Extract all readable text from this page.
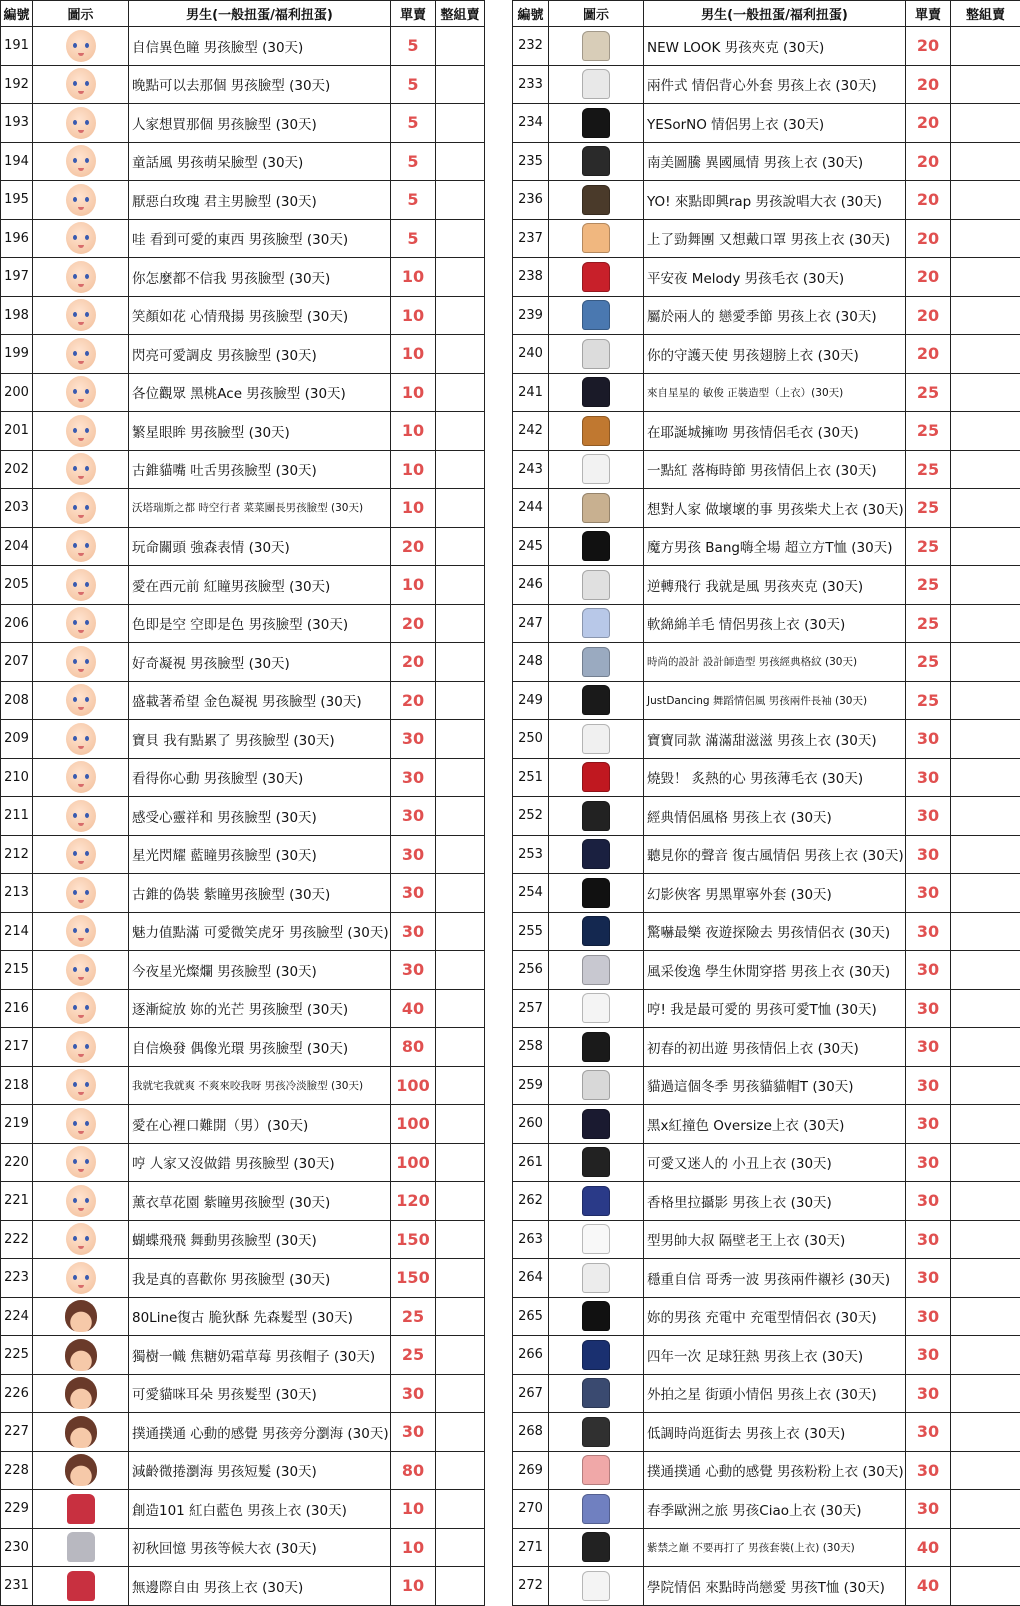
編號	圖示	男生(一般扭蛋/福利扭蛋)	單賣	整組賣
191		自信異色瞳 男孩臉型 (30天)	5	
192		晚點可以去那個 男孩臉型 (30天)	5	
193		人家想買那個 男孩臉型 (30天)	5	
194		童話風 男孩萌呆臉型 (30天)	5	
195		厭惡白玫瑰 君主男臉型 (30天)	5	
196		哇 看到可愛的東西 男孩臉型 (30天)	5	
197		你怎麼都不信我 男孩臉型 (30天)	10	
198		笑顏如花 心情飛揚 男孩臉型 (30天)	10	
199		閃亮可愛調皮 男孩臉型 (30天)	10	
200		各位觀眾 黑桃Ace 男孩臉型 (30天)	10	
201		繁星眼眸 男孩臉型 (30天)	10	
202		古錐貓嘴 吐舌男孩臉型 (30天)	10	
203		沃塔瑞斯之都 時空行者 菜菜團長男孩臉型 (30天)	10	
204		玩命關頭 強森表情 (30天)	20	
205		愛在西元前 紅瞳男孩臉型 (30天)	10	
206		色即是空 空即是色 男孩臉型 (30天)	20	
207		好奇凝視 男孩臉型 (30天)	20	
208		盛載著希望 金色凝視 男孩臉型 (30天)	20	
209		寶貝 我有點累了 男孩臉型 (30天)	30	
210		看得你心動 男孩臉型 (30天)	30	
211		感受心靈祥和 男孩臉型 (30天)	30	
212		星光閃耀 藍瞳男孩臉型 (30天)	30	
213		古錐的偽裝 紫瞳男孩臉型 (30天)	30	
214		魅力值點滿 可愛微笑虎牙 男孩臉型 (30天)	30	
215		今夜星光燦爛 男孩臉型 (30天)	30	
216		逐漸綻放 妳的光芒 男孩臉型 (30天)	40	
217		自信煥發 偶像光環 男孩臉型 (30天)	80	
218		我就宅我就爽 不爽來咬我呀 男孩冷淡臉型 (30天)	100	
219		愛在心裡口難開（男）(30天)	100	
220		哼 人家又沒做錯 男孩臉型 (30天)	100	
221		薰衣草花園 紫瞳男孩臉型 (30天)	120	
222		蝴蝶飛飛 舞動男孩臉型 (30天)	150	
223		我是真的喜歡你 男孩臉型 (30天)	150	
224		80Line復古 脆狄酥 先森髮型 (30天)	25	
225		獨樹一幟 焦糖奶霜草莓 男孩帽子 (30天)	25	
226		可愛貓咪耳朵 男孩髮型 (30天)	30	
227		撲通撲通 心動的感覺 男孩旁分瀏海 (30天)	30	
228		減齡微捲瀏海 男孩短髮 (30天)	80	
229		創造101 紅白藍色 男孩上衣 (30天)	10	
230		初秋回憶 男孩等候大衣 (30天)	10	
231		無邊際自由 男孩上衣 (30天)	10	
編號	圖示	男生(一般扭蛋/福利扭蛋)	單賣	整組賣
232		NEW LOOK 男孩夾克 (30天)	20	
233		兩件式 情侶背心外套 男孩上衣 (30天)	20	
234		YESorNO 情侶男上衣 (30天)	20	
235		南美圖騰 異國風情 男孩上衣 (30天)	20	
236		YO! 來點即興rap 男孩說唱大衣 (30天)	20	
237		上了勁舞團 又想戴口罩 男孩上衣 (30天)	20	
238		平安夜 Melody 男孩毛衣 (30天)	20	
239		屬於兩人的 戀愛季節 男孩上衣 (30天)	20	
240		你的守護天使 男孩翅膀上衣 (30天)	20	
241		來自星星的 敏俊 正裝造型（上衣）(30天)	25	
242		在耶誕城擁吻 男孩情侶毛衣 (30天)	25	
243		一點紅 落梅時節 男孩情侶上衣 (30天)	25	
244		想對人家 做壞壞的事 男孩柴犬上衣 (30天)	25	
245		魔方男孩 Bang嗨全場 超立方T恤 (30天)	25	
246		逆轉飛行 我就是風 男孩夾克 (30天)	25	
247		軟綿綿羊毛 情侶男孩上衣 (30天)	25	
248		時尚的設計 設計師造型 男孩經典格紋 (30天)	25	
249		JustDancing 舞蹈情侶風 男孩兩件長袖 (30天)	25	
250		寶寶同款 滿滿甜滋滋 男孩上衣 (30天)	30	
251		燒毀！ 炙熱的心 男孩薄毛衣 (30天)	30	
252		經典情侶風格 男孩上衣 (30天)	30	
253		聽見你的聲音 復古風情侶 男孩上衣 (30天)	30	
254		幻影俠客 男黑單寧外套 (30天)	30	
255		驚嚇最樂 夜遊探險去 男孩情侶衣 (30天)	30	
256		風采俊逸 學生休閒穿搭 男孩上衣 (30天)	30	
257		哼! 我是最可愛的 男孩可愛T恤 (30天)	30	
258		初春的初出遊 男孩情侶上衣 (30天)	30	
259		貓過這個冬季 男孩貓貓帽T (30天)	30	
260		黑x紅撞色 Oversize上衣 (30天)	30	
261		可愛又迷人的 小丑上衣 (30天)	30	
262		香格里拉攝影 男孩上衣 (30天)	30	
263		型男帥大叔 隔壁老王上衣 (30天)	30	
264		穩重自信 哥秀一波 男孩兩件襯衫 (30天)	30	
265		妳的男孩 充電中 充電型情侶衣 (30天)	30	
266		四年一次 足球狂熱 男孩上衣 (30天)	30	
267		外拍之星 街頭小情侶 男孩上衣 (30天)	30	
268		低調時尚逛街去 男孩上衣 (30天)	30	
269		撲通撲通 心動的感覺 男孩粉粉上衣 (30天)	30	
270		春季歐洲之旅 男孩Ciao上衣 (30天)	30	
271		紫禁之巔 不要再打了 男孩套裝(上衣) (30天)	40	
272		學院情侶 來點時尚戀愛 男孩T恤 (30天)	40	
